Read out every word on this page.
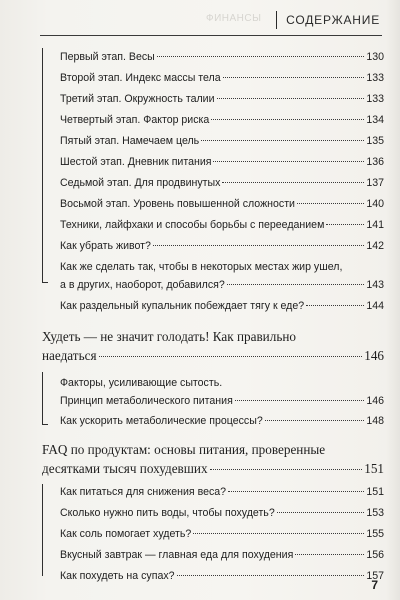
ФИНАНСЫ СОДЕРЖАНИЕ
Первый этап. Весы	130
Второй этап. Индекс массы тела	133
Третий этап. Окружность талии	133
Четвертый этап. Фактор риска	134
Пятый этап. Намечаем цель	135
Шестой этап. Дневник питания	136
Седьмой этап. Для продвинутых	137
Восьмой этап. Уровень повышенной сложности	140
Техники, лайфхаки и способы борьбы с перееданием	141
Как убрать живот?	142
Как же сделать так, чтобы в некоторых местах жир ушел,
а в других, наоборот, добавился?	143
Как раздельный купальник побеждает тягу к еде?	144
Худеть — не значит голодать! Как правильно
наедаться	146
Факторы, усиливающие сытость.
Принцип метаболического питания	146
Как ускорить метаболические процессы?	148
FAQ по продуктам: основы питания, проверенные
десятками тысяч похудевших	151
Как питаться для снижения веса?	151
Сколько нужно пить воды, чтобы похудеть?	153
Как соль помогает худеть?	155
Вкусный завтрак — главная еда для похудения	156
Как похудеть на супах?	157
7
